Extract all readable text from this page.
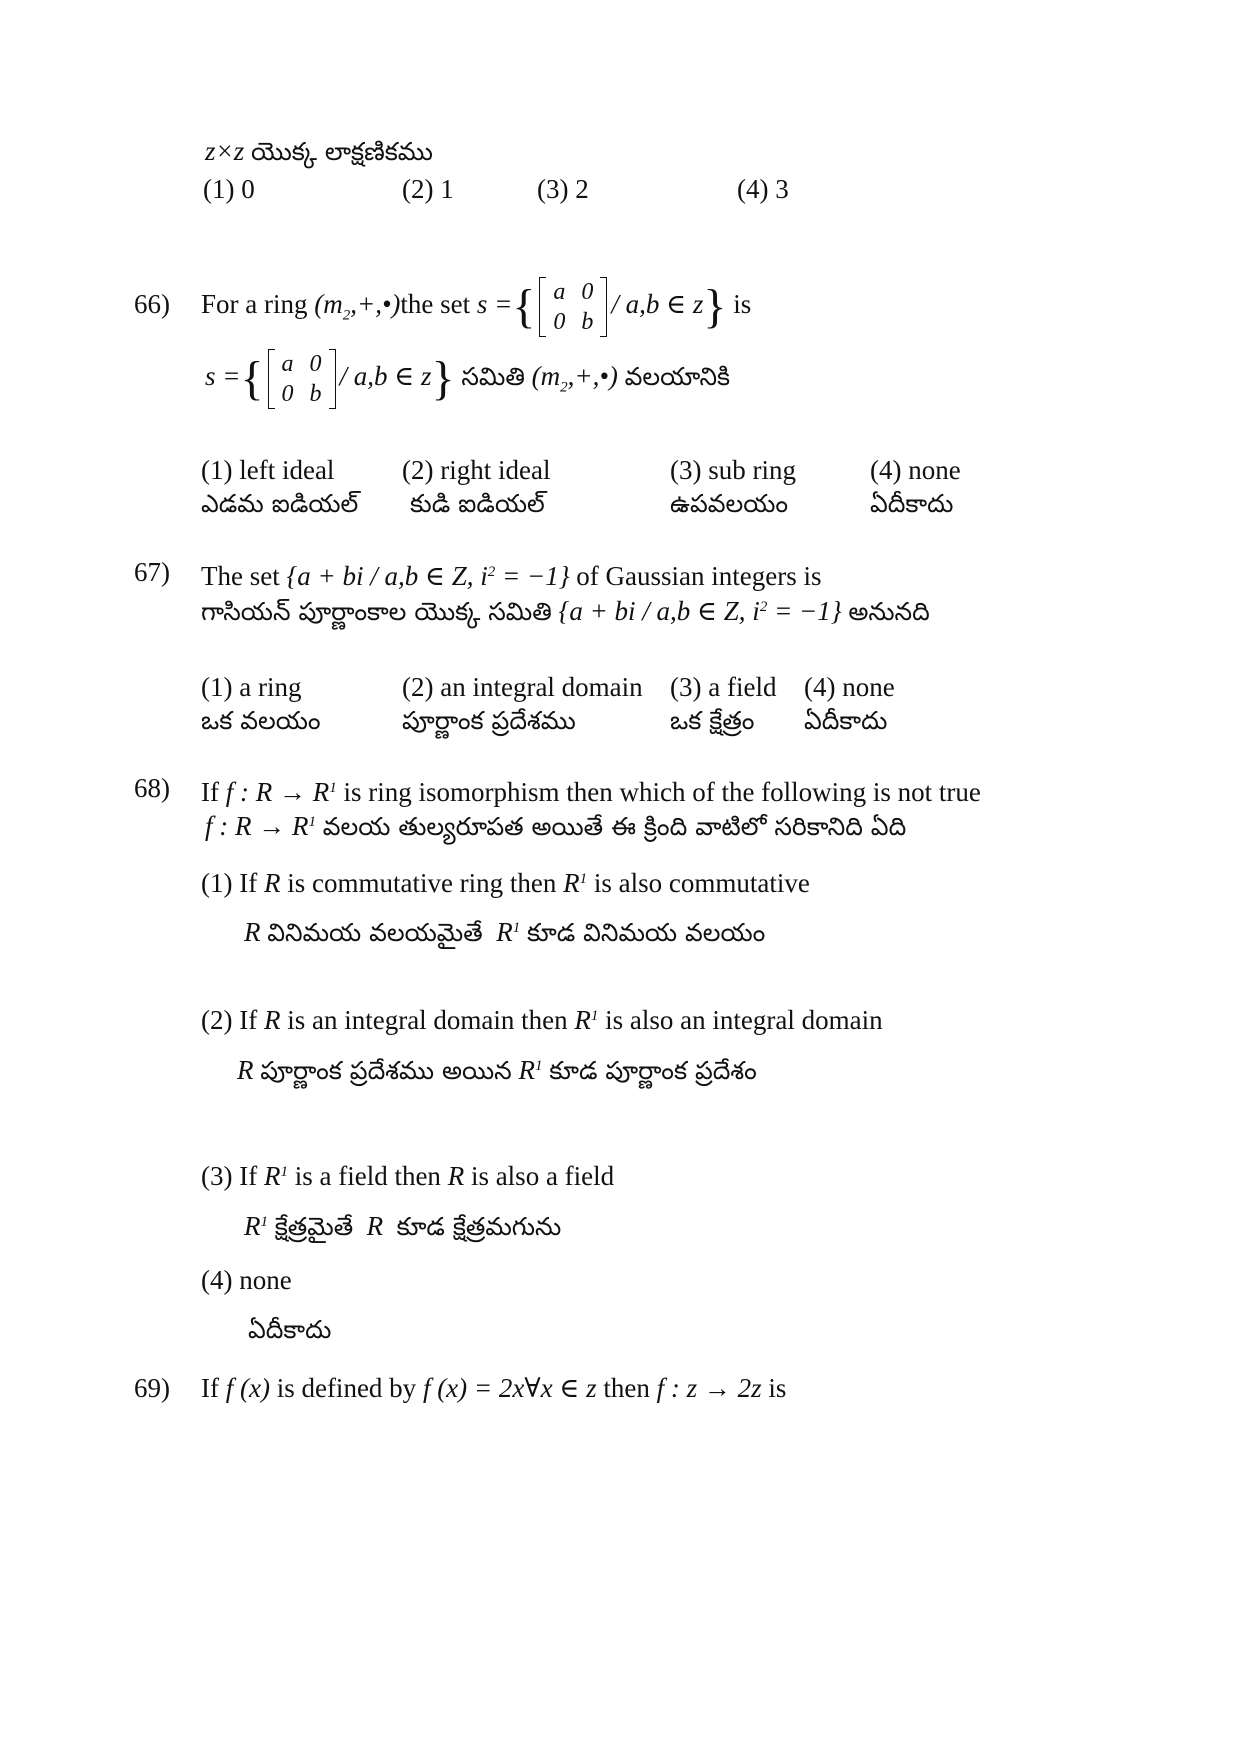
z×z యొక్క లాక్షణికము
(1) 0	(2) 1	(3) 2	(4) 3
66) For a ring $(m_2,+,•)the$ set s ={ a	0
0	b
/ a,b ∈ z} is
s ={ a	0
0	b
/ a,b ∈ z} సమితి $(m_2,+,•)$ వలయానికి
(1) left ideal
ఎడమ ఐడియల్
(2) right ideal
కుడి ఐడియల్
(3) sub ring
ఉపవలయం
(4) none
ఏదీకాదు
67) The set {a + bi / a,b ∈ Z, $i^2 = -1$} of Gaussian integers is
గాసియన్ పూర్ణాంకాల యొక్క సమితి {a + bi / a,b ∈ Z, $i^2 = -1$} అనునది
(1) a ring
ఒక వలయం
(2) an integral domain
పూర్ణాంక ప్రదేశము
(3) a field
ఒక క్షేత్రం
(4) none
ఏదీకాదు
68) If f : $R \to R^1$ is ring isomorphism then which of the following is not true
f : $R \to R^1$ వలయ తుల్యరూపత అయితే ఈ క్రింది వాటిలో సరికానిది ఏది
(1) If R is commutative ring then $R^1$ is also commutative
R వినిమయ వలయమైతే $R^1$ కూడ వినిమయ వలయం
(2) If R is an integral domain then $R^1$ is also an integral domain
R పూర్ణాంక ప్రదేశము అయిన $R^1$ కూడ పూర్ణాంక ప్రదేశం
(3) If $R^1$ is a field then R is also a field
$R^1$ క్షేత్రమైతే R కూడ క్షేత్రమగును
(4) none
ఏదీకాదు
69) If f (x) is defined by f (x) = 2x∀x ∈ z then f : z → 2z is
